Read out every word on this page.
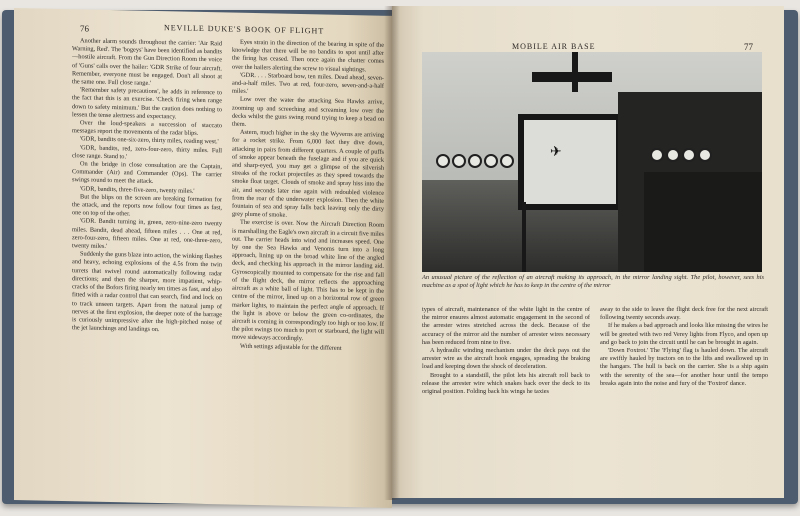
76	NEVILLE DUKE'S BOOK OF FLIGHT

Another alarm sounds throughout the carrier: 'Air Raid Warning, Red'. The 'bogeys' have been identified as bandits—hostile aircraft. From the Gun Direction Room the voice of 'Guns' calls over the hailer: 'GDR Strike of four aircraft. Remember, everyone must be engaged. Don't all shoot at the same one. Full close range.'

'Remember safety precautions', he adds in reference to the fact that this is an exercise. 'Check firing when range down to safety minimum.' But the caution does nothing to lessen the tense alertness and expectancy.

Over the loud-speakers a succession of staccato messages report the movements of the radar blips.

'GDR, bandits one-six-zero, thirty miles, reading west.'

'GDR, bandits, red, zero-four-zero, thirty miles. Full close range. Stand to.'

On the bridge in close consultation are the Captain, Commander (Air) and Commander (Ops). The carrier swings round to meet the attack.

'GDR, bandits, three-five-zero, twenty miles.'

But the blips on the screen are breaking formation for the attack, and the reports now follow four times as fast, one on top of the other.

'GDR. Bandit turning in, green, zero-nine-zero twenty miles. Bandit, dead ahead, fifteen miles . . . One at red, zero-four-zero, fifteen miles. One at red, one-three-zero, twenty miles.'

Suddenly the guns blaze into action, the winking flashes and heavy, echoing explosions of the 4.5s from the twin turrets that swivel round automatically following radar directions; and then the sharper, more impatient, whip-cracks of the Bofors firing nearly ten times as fast, and also fitted with a radar control that can search, find and lock on to track unseen targets. Apart from the natural jump of nerves at the first explosion, the deeper note of the barrage is curiously unimpressive after the high-pitched noise of the jet launchings and landings on.

Eyes strain in the direction of the bearing in spite of the knowledge that there will be no bandits to spot until after the firing has ceased. Then once again the chatter comes over the hailers alerting the screw to visual sightings.

'GDR. . . . Starboard bow, ten miles. Dead ahead, seven-and-a-half miles. Two at red, four-zero, seven-and-a-half miles.'

Low over the water the attacking Sea Hawks arrive, zooming up and screeching and screaming low over the decks whilst the guns swing round trying to keep a bead on them.

Astern, much higher in the sky the Wyverns are arriving for a rocket strike. From 6,000 feet they dive down, attacking in pairs from different quarters. A couple of puffs of smoke appear beneath the fuselage and if you are quick and sharp-eyed, you may get a glimpse of the silverish streaks of the rocket projectiles as they speed towards the smoke float target. Clouds of smoke and spray hiss into the air, and seconds later rise again with redoubled violence from the roar of the underwater explosion. Then the white fountain of sea and spray falls back leaving only the dirty grey plume of smoke.

The exercise is over. Now the Aircraft Direction Room is marshalling the Eagle's own aircraft in a circuit five miles out. The carrier heads into wind and increases speed. One by one the Sea Hawks and Venoms turn into a long approach, lining up on the broad white line of the angled deck, and checking his approach in the mirror landing aid. Gyroscopically mounted to compensate for the rise and fall of the flight deck, the mirror reflects the approaching aircraft as a white ball of light. This has to be kept in the centre of the mirror, lined up on a horizontal row of green marker lights, to maintain the perfect angle of approach. If the light is above or below the green co-ordinates, the aircraft is coming in correspondingly too high or too low. If the pilot swings too much to port or starboard, the light will move sideways accordingly.

With settings adjustable for the different

MOBILE AIR BASE	77
✈
An unusual picture of the reflection of an aircraft making its approach, in the mirror landing sight. The pilot, however, sees his machine as a spot of light which he has to keep in the centre of the mirror

types of aircraft, maintenance of the white light in the centre of the mirror ensures almost automatic engagement in the second of the arrester wires stretched across the deck. Because of the accuracy of the mirror aid the number of arrester wires necessary has been reduced from nine to five.

A hydraulic winding mechanism under the deck pays out the arrester wire as the aircraft hook engages, spreading the braking load and keeping down the shock of deceleration.

Brought to a standstill, the pilot lets his aircraft roll back to release the arrester wire which snakes back over the deck to its original position. Folding back his wings he taxies

away to the side to leave the flight deck free for the next aircraft following twenty seconds away.

If he makes a bad approach and looks like missing the wires he will be greeted with two red Verey lights from Flyco, and open up and go back to join the circuit until he can be brought in again.

'Down Foxtrot.' The 'Flying' flag is hauled down. The aircraft are swiftly hauled by tractors on to the lifts and swallowed up in the hangars. The hull is back on the carrier. She is a ship again with the serenity of the sea—for another hour until the tempo breaks again into the noise and fury of the 'Foxtrot' dance.
